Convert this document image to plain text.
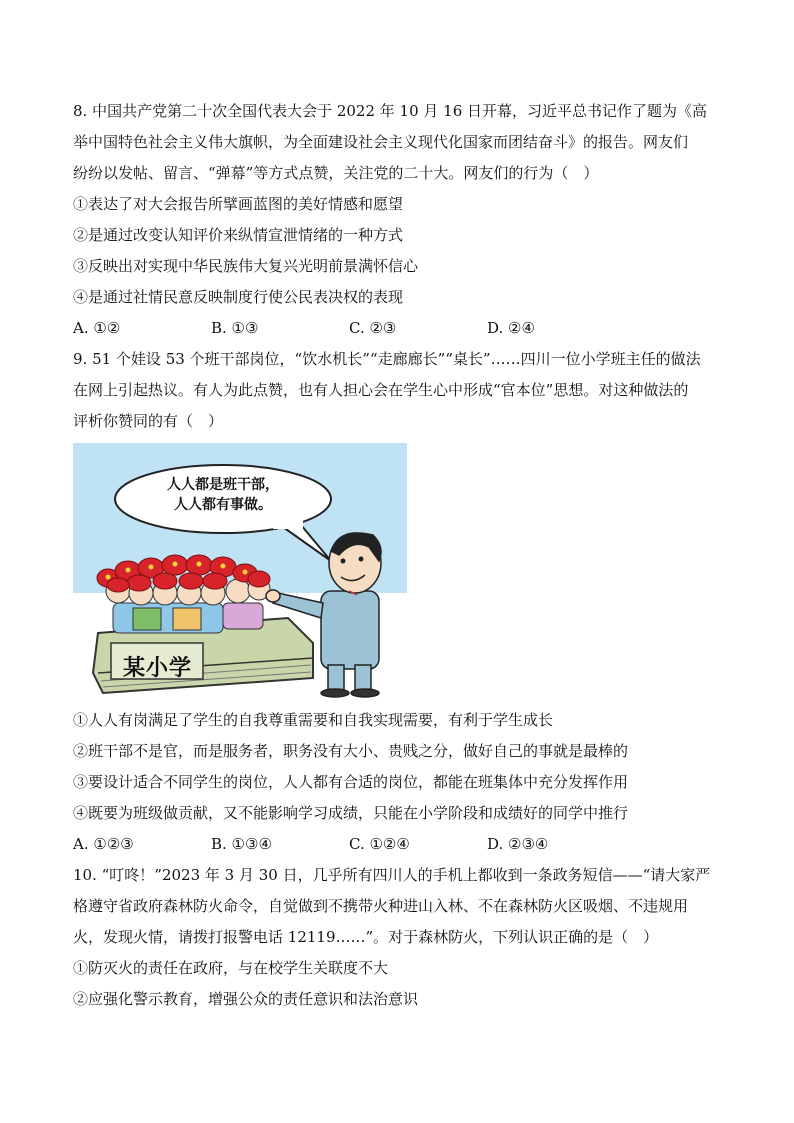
8. 中国共产党第二十次全国代表大会于 2022 年 10 月 16 日开幕，习近平总书记作了题为《高
举中国特色社会主义伟大旗帜，为全面建设社会主义现代化国家而团结奋斗》的报告。网友们
纷纷以发帖、留言、“弹幕”等方式点赞，关注党的二十大。网友们的行为（　）
①表达了对大会报告所擘画蓝图的美好情感和愿望
②是通过改变认知评价来纵情宣泄情绪的一种方式
③反映出对实现中华民族伟大复兴光明前景满怀信心
④是通过社情民意反映制度行使公民表决权的表现
A. ①②	B. ①③	C. ②③	D. ②④
9. 51 个娃设 53 个班干部岗位，“饮水机长”“走廊廊长”“桌长”……四川一位小学班主任的做法
在网上引起热议。有人为此点赞，也有人担心会在学生心中形成“官本位”思想。对这种做法的
评析你赞同的有（　）
人人都是班干部，
人人都有事做。
某小学
①人人有岗满足了学生的自我尊重需要和自我实现需要，有利于学生成长
②班干部不是官，而是服务者，职务没有大小、贵贱之分，做好自己的事就是最棒的
③要设计适合不同学生的岗位，人人都有合适的岗位，都能在班集体中充分发挥作用
④既要为班级做贡献，又不能影响学习成绩，只能在小学阶段和成绩好的同学中推行
A. ①②③	B. ①③④	C. ①②④	D. ②③④
10. “叮咚！”2023 年 3 月 30 日，几乎所有四川人的手机上都收到一条政务短信——“请大家严
格遵守省政府森林防火命令，自觉做到不携带火种进山入林、不在森林防火区吸烟、不违规用
火，发现火情，请拨打报警电话 12119……”。对于森林防火，下列认识正确的是（　）
①防灭火的责任在政府，与在校学生关联度不大
②应强化警示教育，增强公众的责任意识和法治意识
